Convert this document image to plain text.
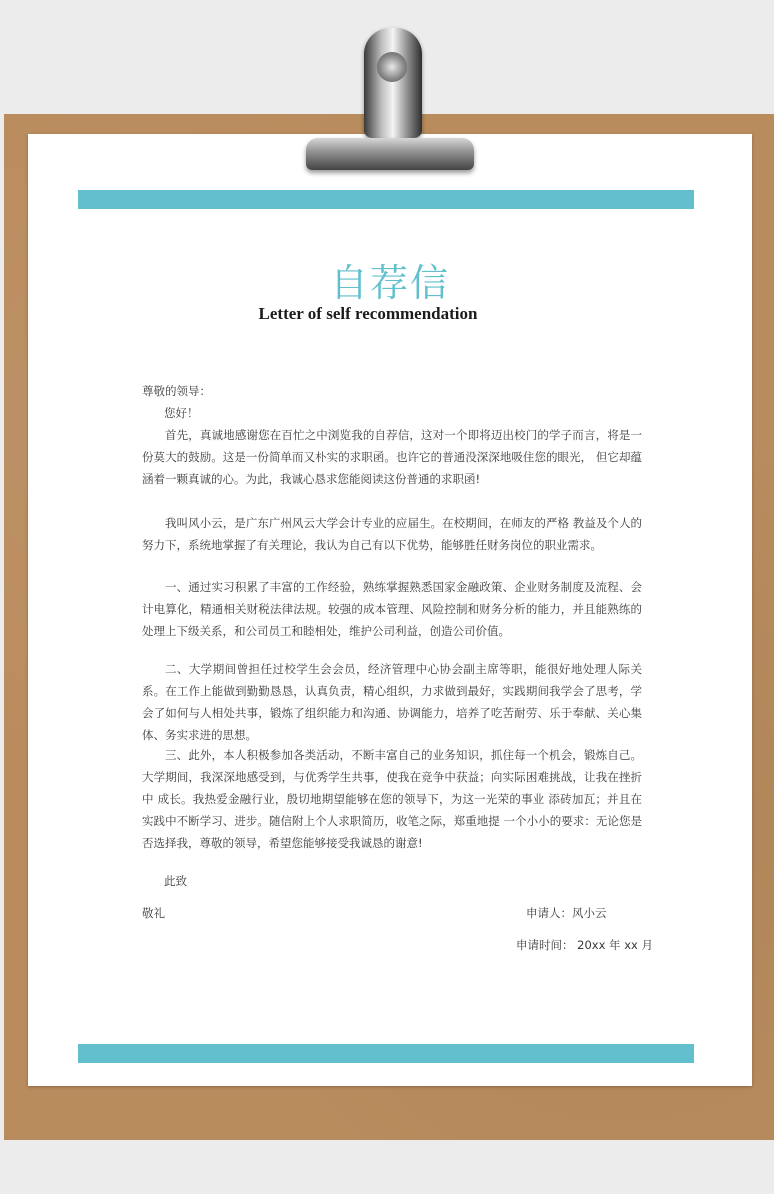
自荐信
Letter of self recommendation
尊敬的领导：
您好！
首先，真诚地感谢您在百忙之中浏览我的自荐信，这对一个即将迈出校门的学子而言，将是一份莫大的鼓励。这是一份简单而又朴实的求职函。也许它的普通没深深地吸住您的眼光， 但它却蕴涵着一颗真诚的心。为此，我诚心恳求您能阅读这份普通的求职函!
我叫风小云，是广东广州风云大学会计专业的应届生。在校期间，在师友的严格 教益及个人的努力下，系统地掌握了有关理论，我认为自己有以下优势，能够胜任财务岗位的职业需求。
一、通过实习积累了丰富的工作经验，熟练掌握熟悉国家金融政策、企业财务制度及流程、会计电算化，精通相关财税法律法规。较强的成本管理、风险控制和财务分析的能力，并且能熟练的处理上下级关系，和公司员工和睦相处，维护公司利益，创造公司价值。
二、大学期间曾担任过校学生会会员，经济管理中心协会副主席等职，能很好地处理人际关系。在工作上能做到勤勤恳恳，认真负责，精心组织，力求做到最好，实践期间我学会了思考，学会了如何与人相处共事，锻炼了组织能力和沟通、协调能力，培养了吃苦耐劳、乐于奉献、关心集体、务实求进的思想。
三、此外，本人积极参加各类活动，不断丰富自己的业务知识，抓住每一个机会，锻炼自己。大学期间，我深深地感受到，与优秀学生共事，使我在竞争中获益；向实际困难挑战，让我在挫折中 成长。我热爱金融行业，殷切地期望能够在您的领导下，为这一光荣的事业 添砖加瓦；并且在实践中不断学习、进步。随信附上个人求职简历，收笔之际，郑重地提 一个小小的要求：无论您是否选择我，尊敬的领导，希望您能够接受我诚恳的谢意!
此致
敬礼	申请人：风小云
申请时间： 20xx 年 xx 月
